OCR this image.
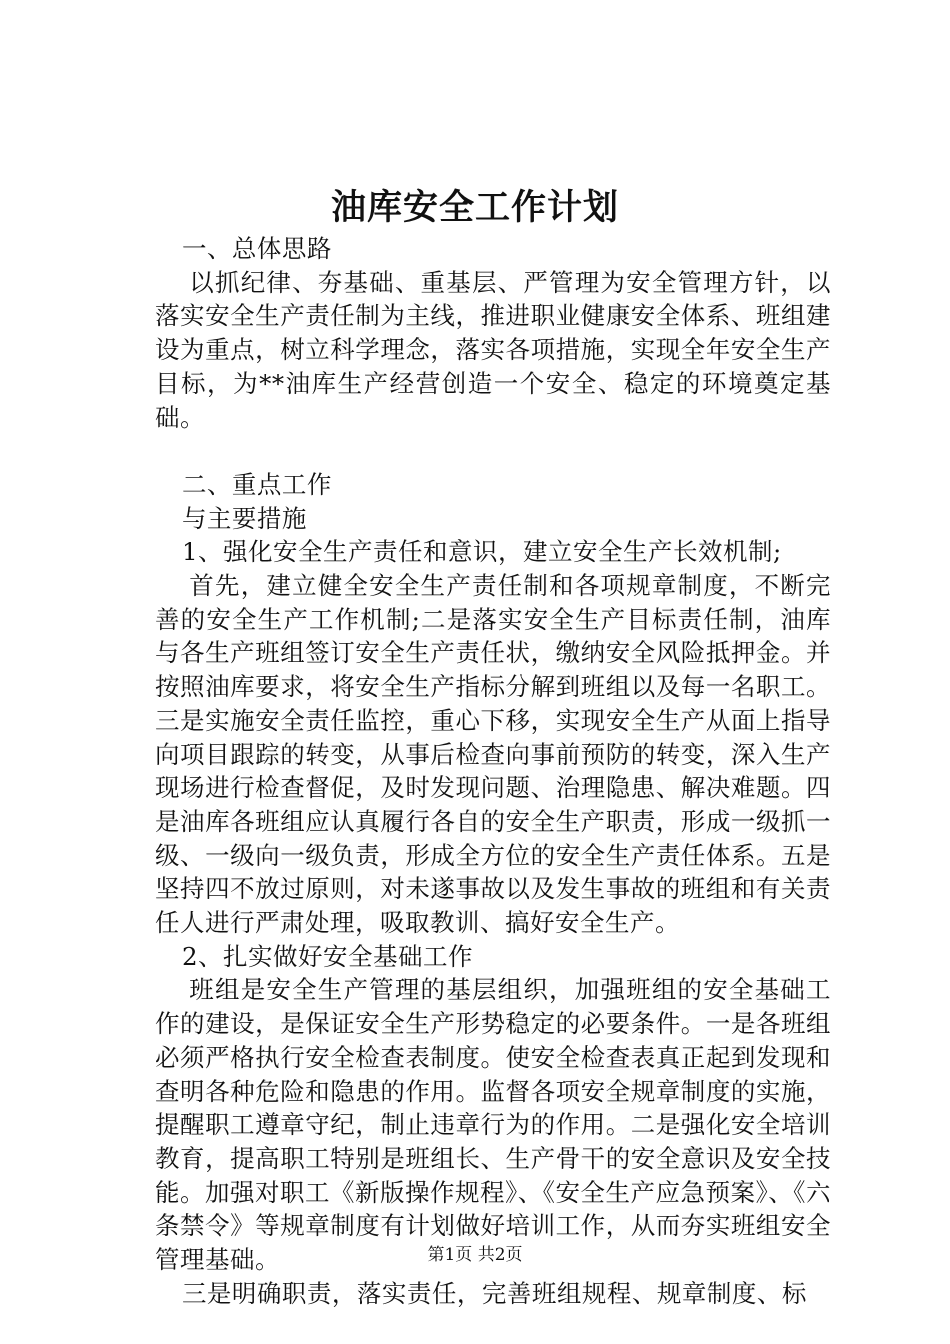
油库安全工作计划

一、总体思路

以抓纪律、夯基础、重基层、严管理为安全管理方针，以落实安全生产责任制为主线，推进职业健康安全体系、班组建设为重点，树立科学理念，落实各项措施，实现全年安全生产目标，为**油库生产经营创造一个安全、稳定的环境奠定基础。

二、重点工作

与主要措施

1、强化安全生产责任和意识，建立安全生产长效机制;

首先，建立健全安全生产责任制和各项规章制度，不断完善的安全生产工作机制;二是落实安全生产目标责任制，油库与各生产班组签订安全生产责任状，缴纳安全风险抵押金。并按照油库要求，将安全生产指标分解到班组以及每一名职工。三是实施安全责任监控，重心下移，实现安全生产从面上指导向项目跟踪的转变，从事后检查向事前预防的转变，深入生产现场进行检查督促，及时发现问题、治理隐患、解决难题。四是油库各班组应认真履行各自的安全生产职责，形成一级抓一级、一级向一级负责，形成全方位的安全生产责任体系。五是坚持四不放过原则，对未遂事故以及发生事故的班组和有关责任人进行严肃处理，吸取教训、搞好安全生产。

2、扎实做好安全基础工作

班组是安全生产管理的基层组织，加强班组的安全基础工作的建设，是保证安全生产形势稳定的必要条件。一是各班组必须严格执行安全检查表制度。使安全检查表真正起到发现和查明各种危险和隐患的作用。监督各项安全规章制度的实施，提醒职工遵章守纪，制止违章行为的作用。二是强化安全培训教育，提高职工特别是班组长、生产骨干的安全意识及安全技能。加强对职工《新版操作规程》、《安全生产应急预案》、《六条禁令》等规章制度有计划做好培训工作，从而夯实班组安全管理基础。

三是明确职责，落实责任，完善班组规程、规章制度、标

第1页 共2页
